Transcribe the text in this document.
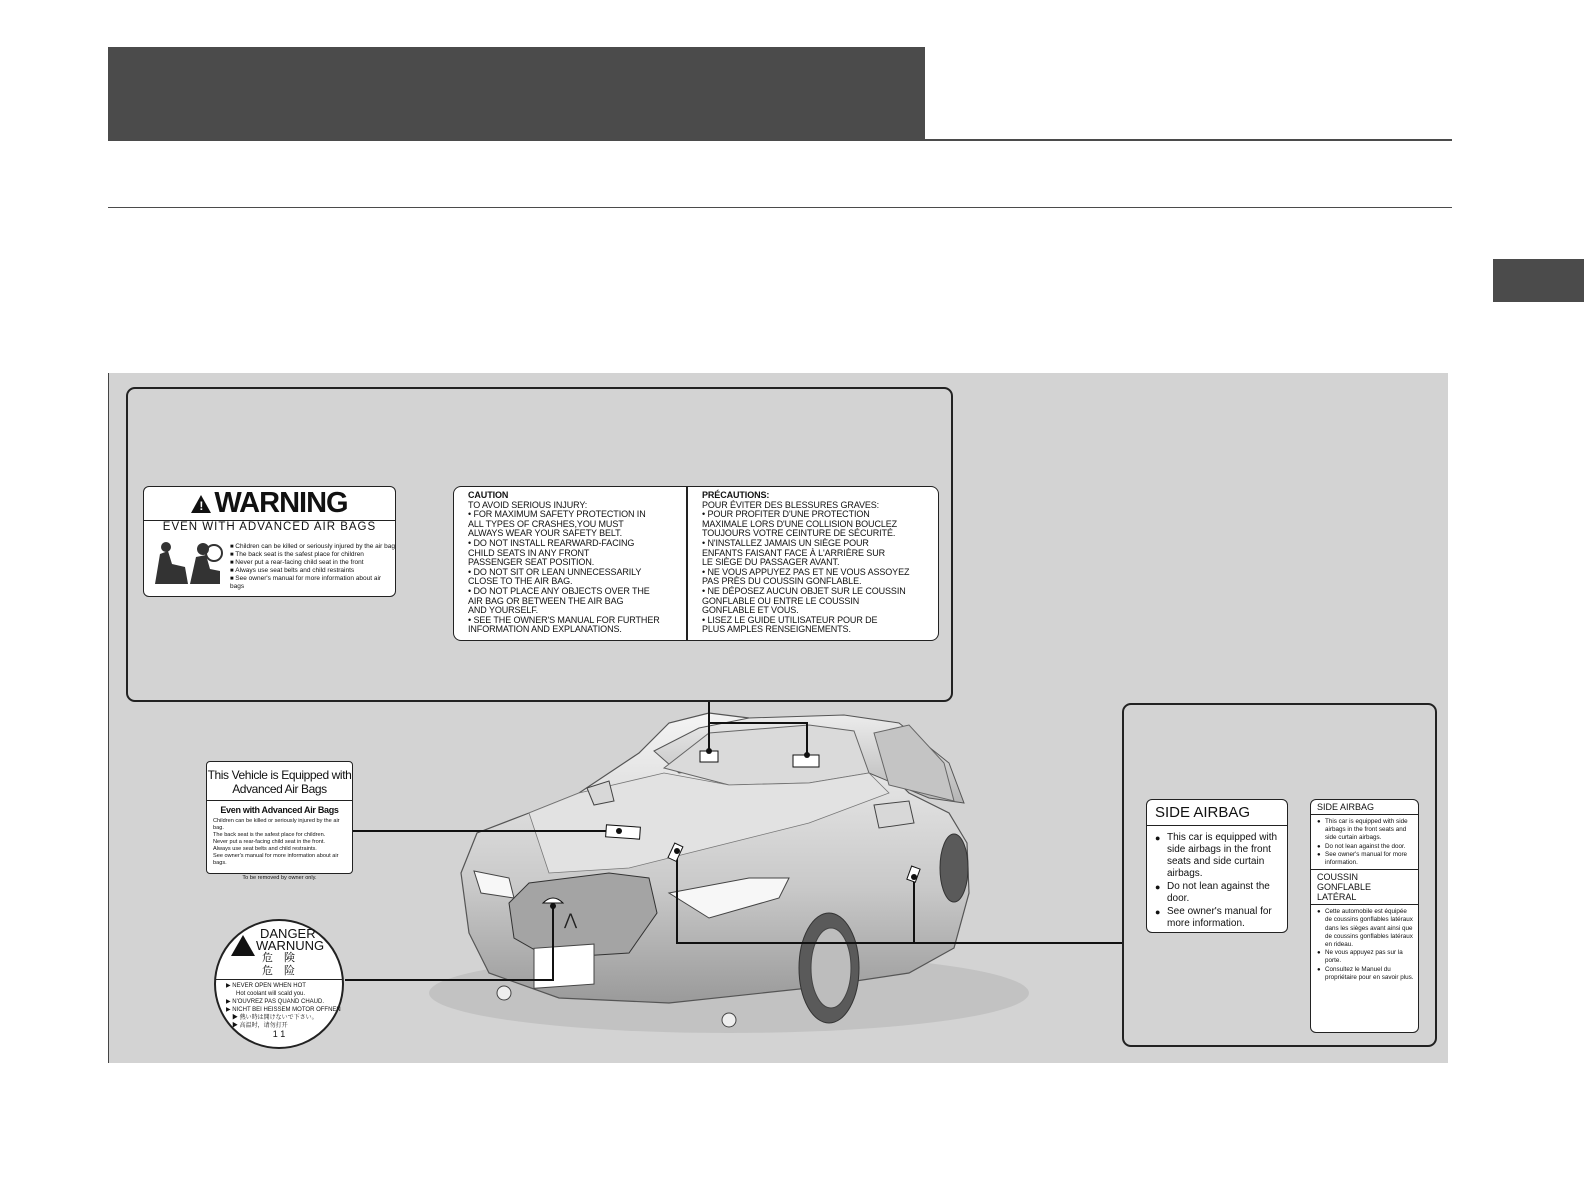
⋀
! WARNING

EVEN WITH ADVANCED AIR BAGS

■ Children can be killed or seriously injured by the air bag
■ The back seat is the safest place for children
■ Never put a rear-facing child seat in the front
■ Always use seat belts and child restraints
■ See owner's manual for more information about air bags
CAUTION
TO AVOID SERIOUS INJURY:
• FOR MAXIMUM SAFETY PROTECTION IN
ALL TYPES OF CRASHES,YOU MUST
ALWAYS WEAR YOUR SAFETY BELT.
• DO NOT INSTALL REARWARD-FACING
CHILD SEATS IN ANY FRONT
PASSENGER SEAT POSITION.
• DO NOT SIT OR LEAN UNNECESSARILY
CLOSE TO THE AIR BAG.
• DO NOT PLACE ANY OBJECTS OVER THE
AIR BAG OR BETWEEN THE AIR BAG
AND YOURSELF.
• SEE THE OWNER'S MANUAL FOR FURTHER
INFORMATION AND EXPLANATIONS.
PRÉCAUTIONS:
POUR ÉVITER DES BLESSURES GRAVES:
• POUR PROFITER D'UNE PROTECTION
MAXIMALE LORS D'UNE COLLISION BOUCLEZ
TOUJOURS VOTRE CEINTURE DE SÉCURITÉ.
• N'INSTALLEZ JAMAIS UN SIÈGE POUR
ENFANTS FAISANT FACE À L'ARRIÈRE SUR
LE SIÈGE DU PASSAGER AVANT.
• NE VOUS APPUYEZ PAS ET NE VOUS ASSOYEZ
PAS PRÈS DU COUSSIN GONFLABLE.
• NE DÉPOSEZ AUCUN OBJET SUR LE COUSSIN
GONFLABLE OU ENTRE LE COUSSIN
GONFLABLE ET VOUS.
• LISEZ LE GUIDE UTILISATEUR POUR DE
PLUS AMPLES RENSEIGNEMENTS.
This Vehicle is Equipped with
Advanced Air Bags
Even with Advanced Air Bags
Children can be killed or seriously injured by the air bag.
The back seat is the safest place for children.
Never put a rear-facing child seat in the front.
Always use seat belts and child restraints.
See owner's manual for more information about air bags.
To be removed by owner only.
DANGER
WARNUNG
危　険
危　险
▶ NEVER OPEN WHEN HOT
Hot coolant will scald you.
▶ N'OUVREZ PAS QUAND CHAUD.
▶ NICHT BEI HEISSEM MOTOR OFFNEN
▶ 熱い時は開けないで下さい。
▶ 高温时，请勿打开
1 1
SIDE AIRBAG
● This car is equipped with side airbags in the front seats and side curtain airbags.
● Do not lean against the door.
● See owner's manual for more information.
SIDE AIRBAG
● This car is equipped with side airbags in the front seats and side curtain airbags.
● Do not lean against the door.
● See owner's manual for more information.
COUSSIN GONFLABLE LATÉRAL
● Cette automobile est équipée de coussins gonflables latéraux dans les sièges avant ainsi que de coussins gonflables latéraux en rideau.
● Ne vous appuyez pas sur la porte.
● Consultez le Manuel du propriétaire pour en savoir plus.
